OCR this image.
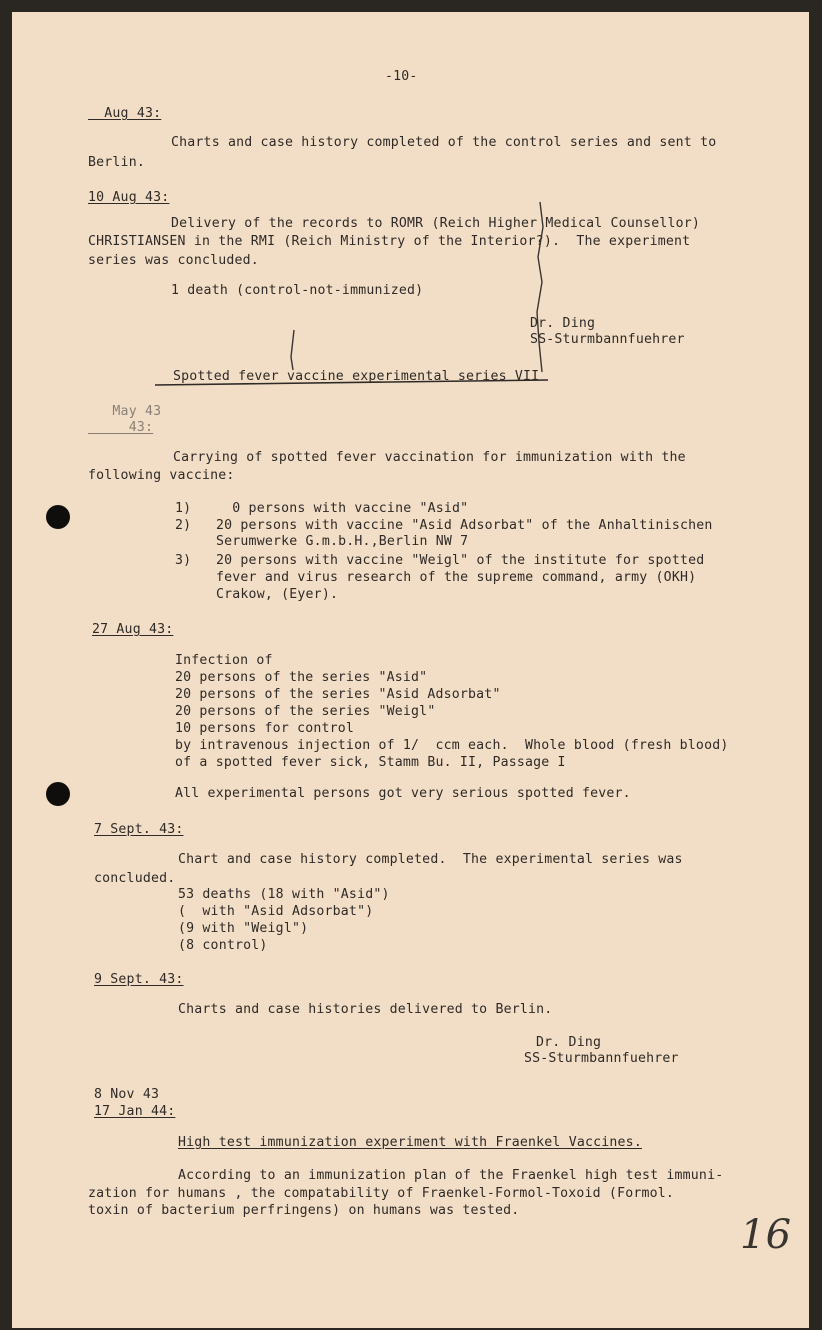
-10-
Aug 43:
Charts and case history completed of the control series and sent to
Berlin.
10 Aug 43:
Delivery of the records to ROMR (Reich Higher Medical Counsellor)
CHRISTIANSEN in the RMI (Reich Ministry of the Interior?).  The experiment
series was concluded.
1 death (control-not-immunized)
Dr. Ding
SS-Sturmbannfuehrer
Spotted fever vaccine experimental series VII
May 43
43:
Carrying of spotted fever vaccination for immunization with the
following vaccine:
1) 0 persons with vaccine "Asid"
2) 20 persons with vaccine "Asid Adsorbat" of the Anhaltinischen
Serumwerke G.m.b.H.,Berlin NW 7
3) 20 persons with vaccine "Weigl" of the institute for spotted
fever and virus research of the supreme command, army (OKH)
Crakow, (Eyer).
27 Aug 43:
Infection of
20 persons of the series "Asid"
20 persons of the series "Asid Adsorbat"
20 persons of the series "Weigl"
10 persons for control
by intravenous injection of 1/  ccm each.  Whole blood (fresh blood)
of a spotted fever sick, Stamm Bu. II, Passage I
All experimental persons got very serious spotted fever.
7 Sept. 43:
Chart and case history completed.  The experimental series was
concluded.
53 deaths (18 with "Asid")
(  with "Asid Adsorbat")
(9 with "Weigl")
(8 control)
9 Sept. 43:
Charts and case histories delivered to Berlin.
Dr. Ding
SS-Sturmbannfuehrer
8 Nov 43
17 Jan 44:
High test immunization experiment with Fraenkel Vaccines.
According to an immunization plan of the Fraenkel high test immuni-
zation for humans , the compatability of Fraenkel-Formol-Toxoid (Formol.
toxin of bacterium perfringens) on humans was tested.
16
